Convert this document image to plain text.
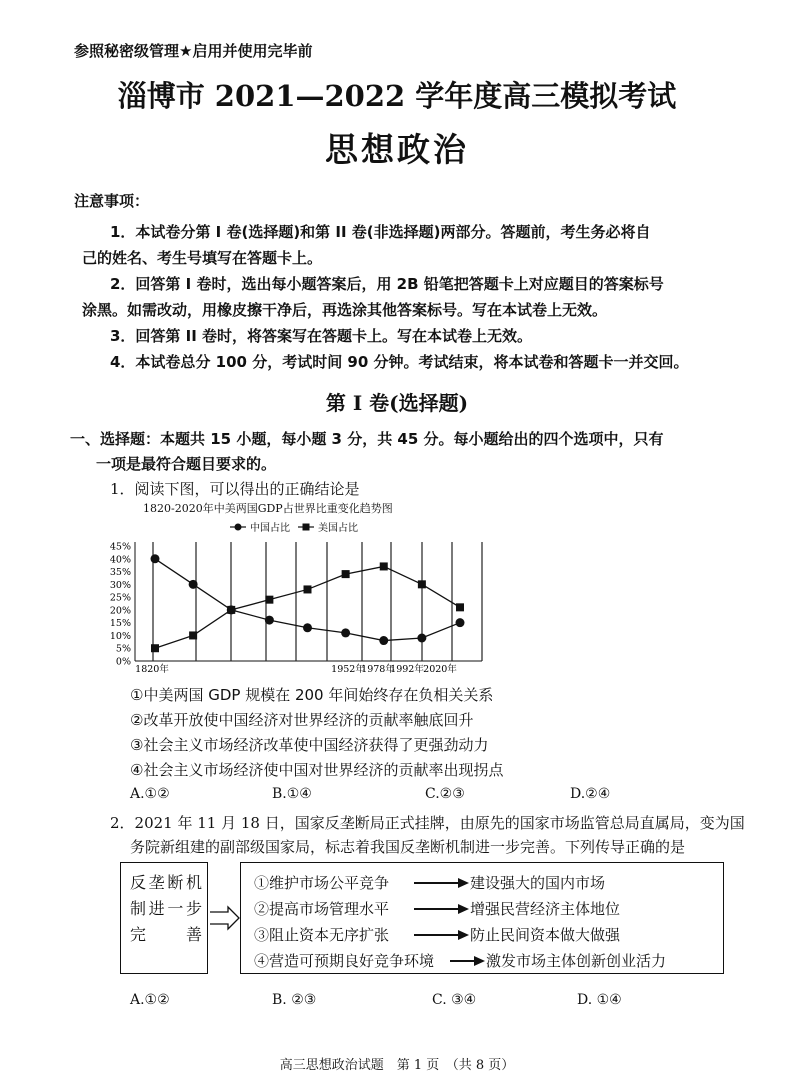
参照秘密级管理★启用并使用完毕前
淄博市 2021—2022 学年度高三模拟考试
思想政治
注意事项：
1．本试卷分第 I 卷(选择题)和第 II 卷(非选择题)两部分。答题前，考生务必将自
己的姓名、考生号填写在答题卡上。
2．回答第 I 卷时，选出每小题答案后，用 2B 铅笔把答题卡上对应题目的答案标号
涂黑。如需改动，用橡皮擦干净后，再选涂其他答案标号。写在本试卷上无效。
3．回答第 II 卷时，将答案写在答题卡上。写在本试卷上无效。
4．本试卷总分 100 分，考试时间 90 分钟。考试结束，将本试卷和答题卡一并交回。
第 I 卷(选择题)
一、选择题：本题共 15 小题，每小题 3 分，共 45 分。每小题给出的四个选项中，只有
一项是最符合题目要求的。
1．阅读下图，可以得出的正确结论是
1820-2020年中美两国GDP占世界比重变化趋势图
中国占比	美国占比
45%
40%
35%
30%
25%
20%
15%
10%
5%
0%
1820年	1952年
1978年
1992年 2020年
①中美两国 GDP 规模在 200 年间始终存在负相关关系
②改革开放使中国经济对世界经济的贡献率触底回升
③社会主义市场经济改革使中国经济获得了更强劲动力
④社会主义市场经济使中国对世界经济的贡献率出现拐点
A.①②	B.①④	C.②③	D.②④
2．2021 年 11 月 18 日，国家反垄断局正式挂牌，由原先的国家市场监管总局直属局，变为国
务院新组建的副部级国家局，标志着我国反垄断机制进一步完善。下列传导正确的是
反垄断机制进一步完善
①维护市场公平竞争	建设强大的国内市场
②提高市场管理水平	增强民营经济主体地位
③阻止资本无序扩张	防止民间资本做大做强
④营造可预期良好竞争环境	激发市场主体创新创业活力
A.①②	B. ②③	C. ③④	D. ①④
高三思想政治试题　第 1 页　（共 8 页）
